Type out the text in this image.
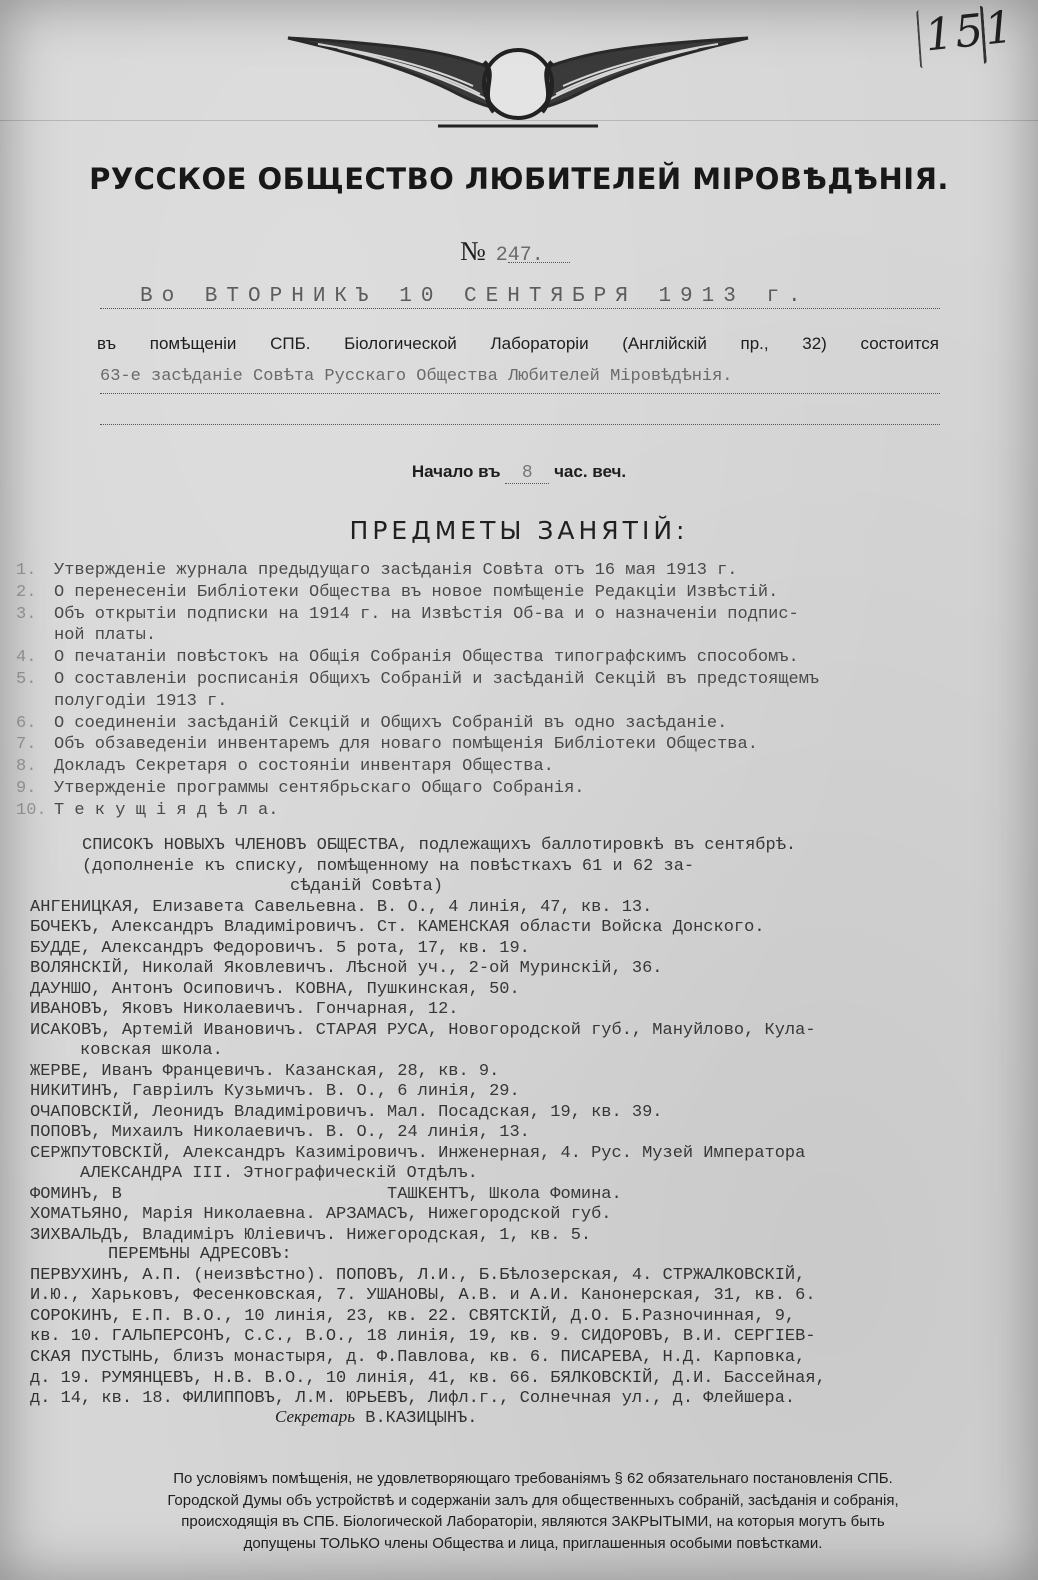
151
РУССКОЕ ОБЩЕСТВО ЛЮБИТЕЛЕЙ МIРОВѢДѢНIЯ.
№ 247.
Во ВТОРНИКЪ 10 СЕНТЯБРЯ 1913 г.
въ помѣщенiи СПБ. Бiологической Лабораторiи (Англiйскiй пр., 32) состоится
63-е засѣданiе Совѣта Русскаго Общества Любителей Мiровѣдѣнiя.
Начало въ 8 час. веч.
ПРЕДМЕТЫ ЗАНЯТIЙ:
1. Утвержденiе журнала предыдущаго засѣданiя Совѣта отъ 16 мая 1913 г.
2. О перенесенiи Библiотеки Общества въ новое помѣщенiе Редакцiи Извѣстiй.
3. Объ открытiи подписки на 1914 г. на Извѣстiя Об-ва и о назначенiи подпис-
ной платы.
4. О печатанiи повѣстокъ на Общiя Собранiя Общества типографскимъ способомъ.
5. О составленiи росписанiя Общихъ Собранiй и засѣданiй Секцiй въ предстоящемъ
полугодiи 1913 г.
6. О соединенiи засѣданiй Секцiй и Общихъ Собранiй въ одно засѣданiе.
7. Объ обзаведенiи инвентаремъ для новаго помѣщенiя Библiотеки Общества.
8. Докладъ Секретаря о состоянiи инвентаря Общества.
9. Утвержденiе программы сентябрьскаго Общаго Собранiя.
10. Т е к у щ i я д ѣ л а.
СПИСОКЪ НОВЫХЪ ЧЛЕНОВЪ ОБЩЕСТВА, подлежащихъ баллотировкѣ въ сентябрѣ.
(дополненiе къ списку, помѣщенному на повѣсткахъ 61 и 62 за-
сѣданiй Совѣта)
АНГЕНИЦКАЯ, Елизавета Савельевна. В. О., 4 линiя, 47, кв. 13.
БОЧЕКЪ, Александръ Владимiровичъ. Ст. КАМЕНСКАЯ области Войска Донского.
БУДДЕ, Александръ Федоровичъ. 5 рота, 17, кв. 19.
ВОЛЯНСКIЙ, Николай Яковлевичъ. Лѣсной уч., 2-ой Муринскiй, 36.
ДАУНШО, Антонъ Осиповичъ. КОВНА, Пушкинская, 50.
ИВАНОВЪ, Яковъ Николаевичъ. Гончарная, 12.
ИСАКОВЪ, Артемiй Ивановичъ. СТАРАЯ РУСА, Новогородской губ., Мануйлово, Кула-
ковская школа.
ЖЕРВЕ, Иванъ Францевичъ. Казанская, 28, кв. 9.
НИКИТИНЪ, Гаврiилъ Кузьмичъ. В. О., 6 линiя, 29.
ОЧАПОВСКIЙ, Леонидъ Владимiровичъ. Мал. Посадская, 19, кв. 39.
ПОПОВЪ, Михаилъ Николаевичъ. В. О., 24 линiя, 13.
СЕРЖПУТОВСКIЙ, Александръ Казимiровичъ. Инженерная, 4. Рус. Музей Императора
АЛЕКСАНДРА III. Этнографическiй Отдѣлъ.
ФОМИНЪ, В                          ТАШКЕНТЪ, Школа Фомина.
ХОМАТЬЯНО, Марiя Николаевна. АРЗАМАСЪ, Нижегородской губ.
ЗИХВАЛЬДЪ, Владимiръ Юлiевичъ. Нижегородская, 1, кв. 5.
ПЕРЕМѢНЫ АДРЕСОВЪ:
ПЕРВУХИНЪ, А.П. (неизвѣстно). ПОПОВЪ, Л.И., Б.Бѣлозерская, 4. СТРЖАЛКОВСКIЙ,
И.Ю., Харьковъ, Фесенковская, 7. УШАНОВЫ, А.В. и А.И. Канонерская, 31, кв. 6.
СОРОКИНЪ, Е.П. В.О., 10 линiя, 23, кв. 22. СВЯТСКIЙ, Д.О. Б.Разночинная, 9,
кв. 10. ГАЛЬПЕРСОНЪ, С.С., В.О., 18 линiя, 19, кв. 9. СИДОРОВЪ, В.И. СЕРГIЕВ-
СКАЯ ПУСТЫНЬ, близъ монастыря, д. Ф.Павлова, кв. 6. ПИСАРЕВА, Н.Д. Карповка,
д. 19. РУМЯНЦЕВЪ, Н.В. В.О., 10 линiя, 41, кв. 66. БЯЛКОВСКIЙ, Д.И. Бассейная,
д. 14, кв. 18. ФИЛИППОВЪ, Л.М. ЮРЬЕВЪ, Лифл.г., Солнечная ул., д. Флейшера.
Секретарь В.КАЗИЦЫНЪ.
По условiямъ помѣщенiя, не удовлетворяющаго требованiямъ § 62 обязательнаго постановленiя СПБ.
Городской Думы объ устройствѣ и содержанiи залъ для общественныхъ собранiй, засѣданiя и собранiя,
происходящiя въ СПБ. Бiологической Лабораторiи, являются ЗАКРЫТЫМИ, на которыя могутъ быть
допущены ТОЛЬКО члены Общества и лица, приглашенныя особыми повѣстками.
